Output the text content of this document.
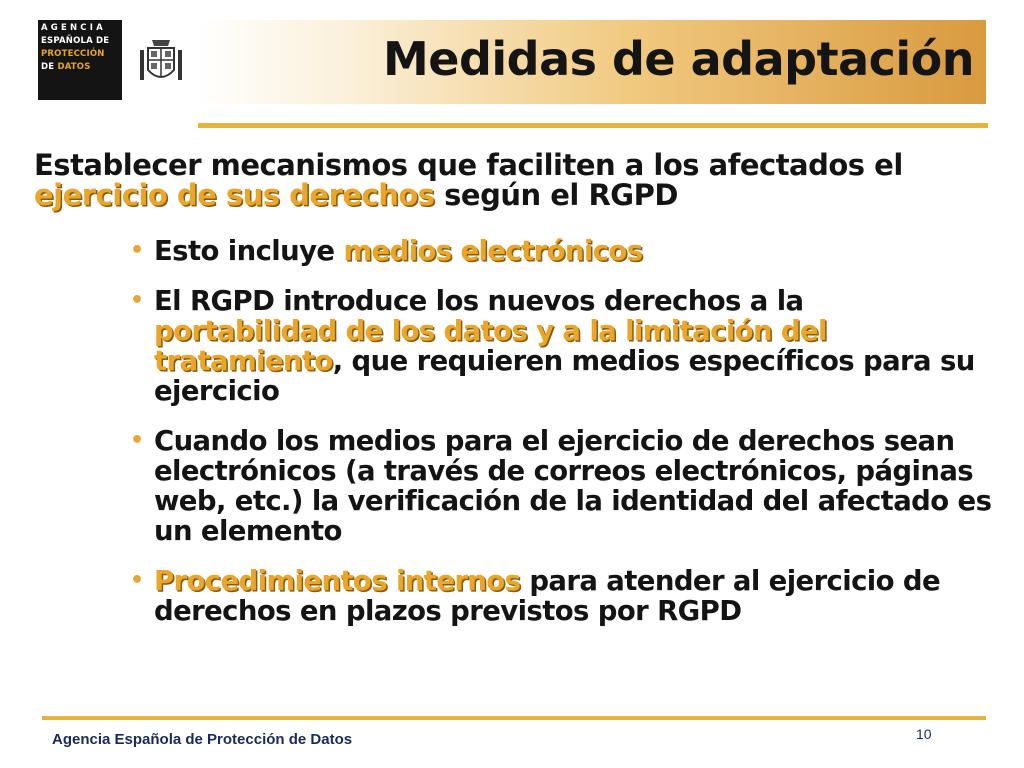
AGENCIA
ESPAÑOLA DE
PROTECCIÓN
DE DATOS	Medidas de adaptación

Establecer mecanismos que faciliten a los afectados el ejercicio de sus derechos según el RGPD

• Esto incluye medios electrónicos
• El RGPD introduce los nuevos derechos a la portabilidad de los datos y a la limitación del tratamiento, que requieren medios específicos para su ejercicio
• Cuando los medios para el ejercicio de derechos sean electrónicos (a través de correos electrónicos, páginas web, etc.) la verificación de la identidad del afectado es un elemento
• Procedimientos internos para atender al ejercicio de derechos en plazos previstos por RGPD
Agencia Española de Protección de Datos	10
